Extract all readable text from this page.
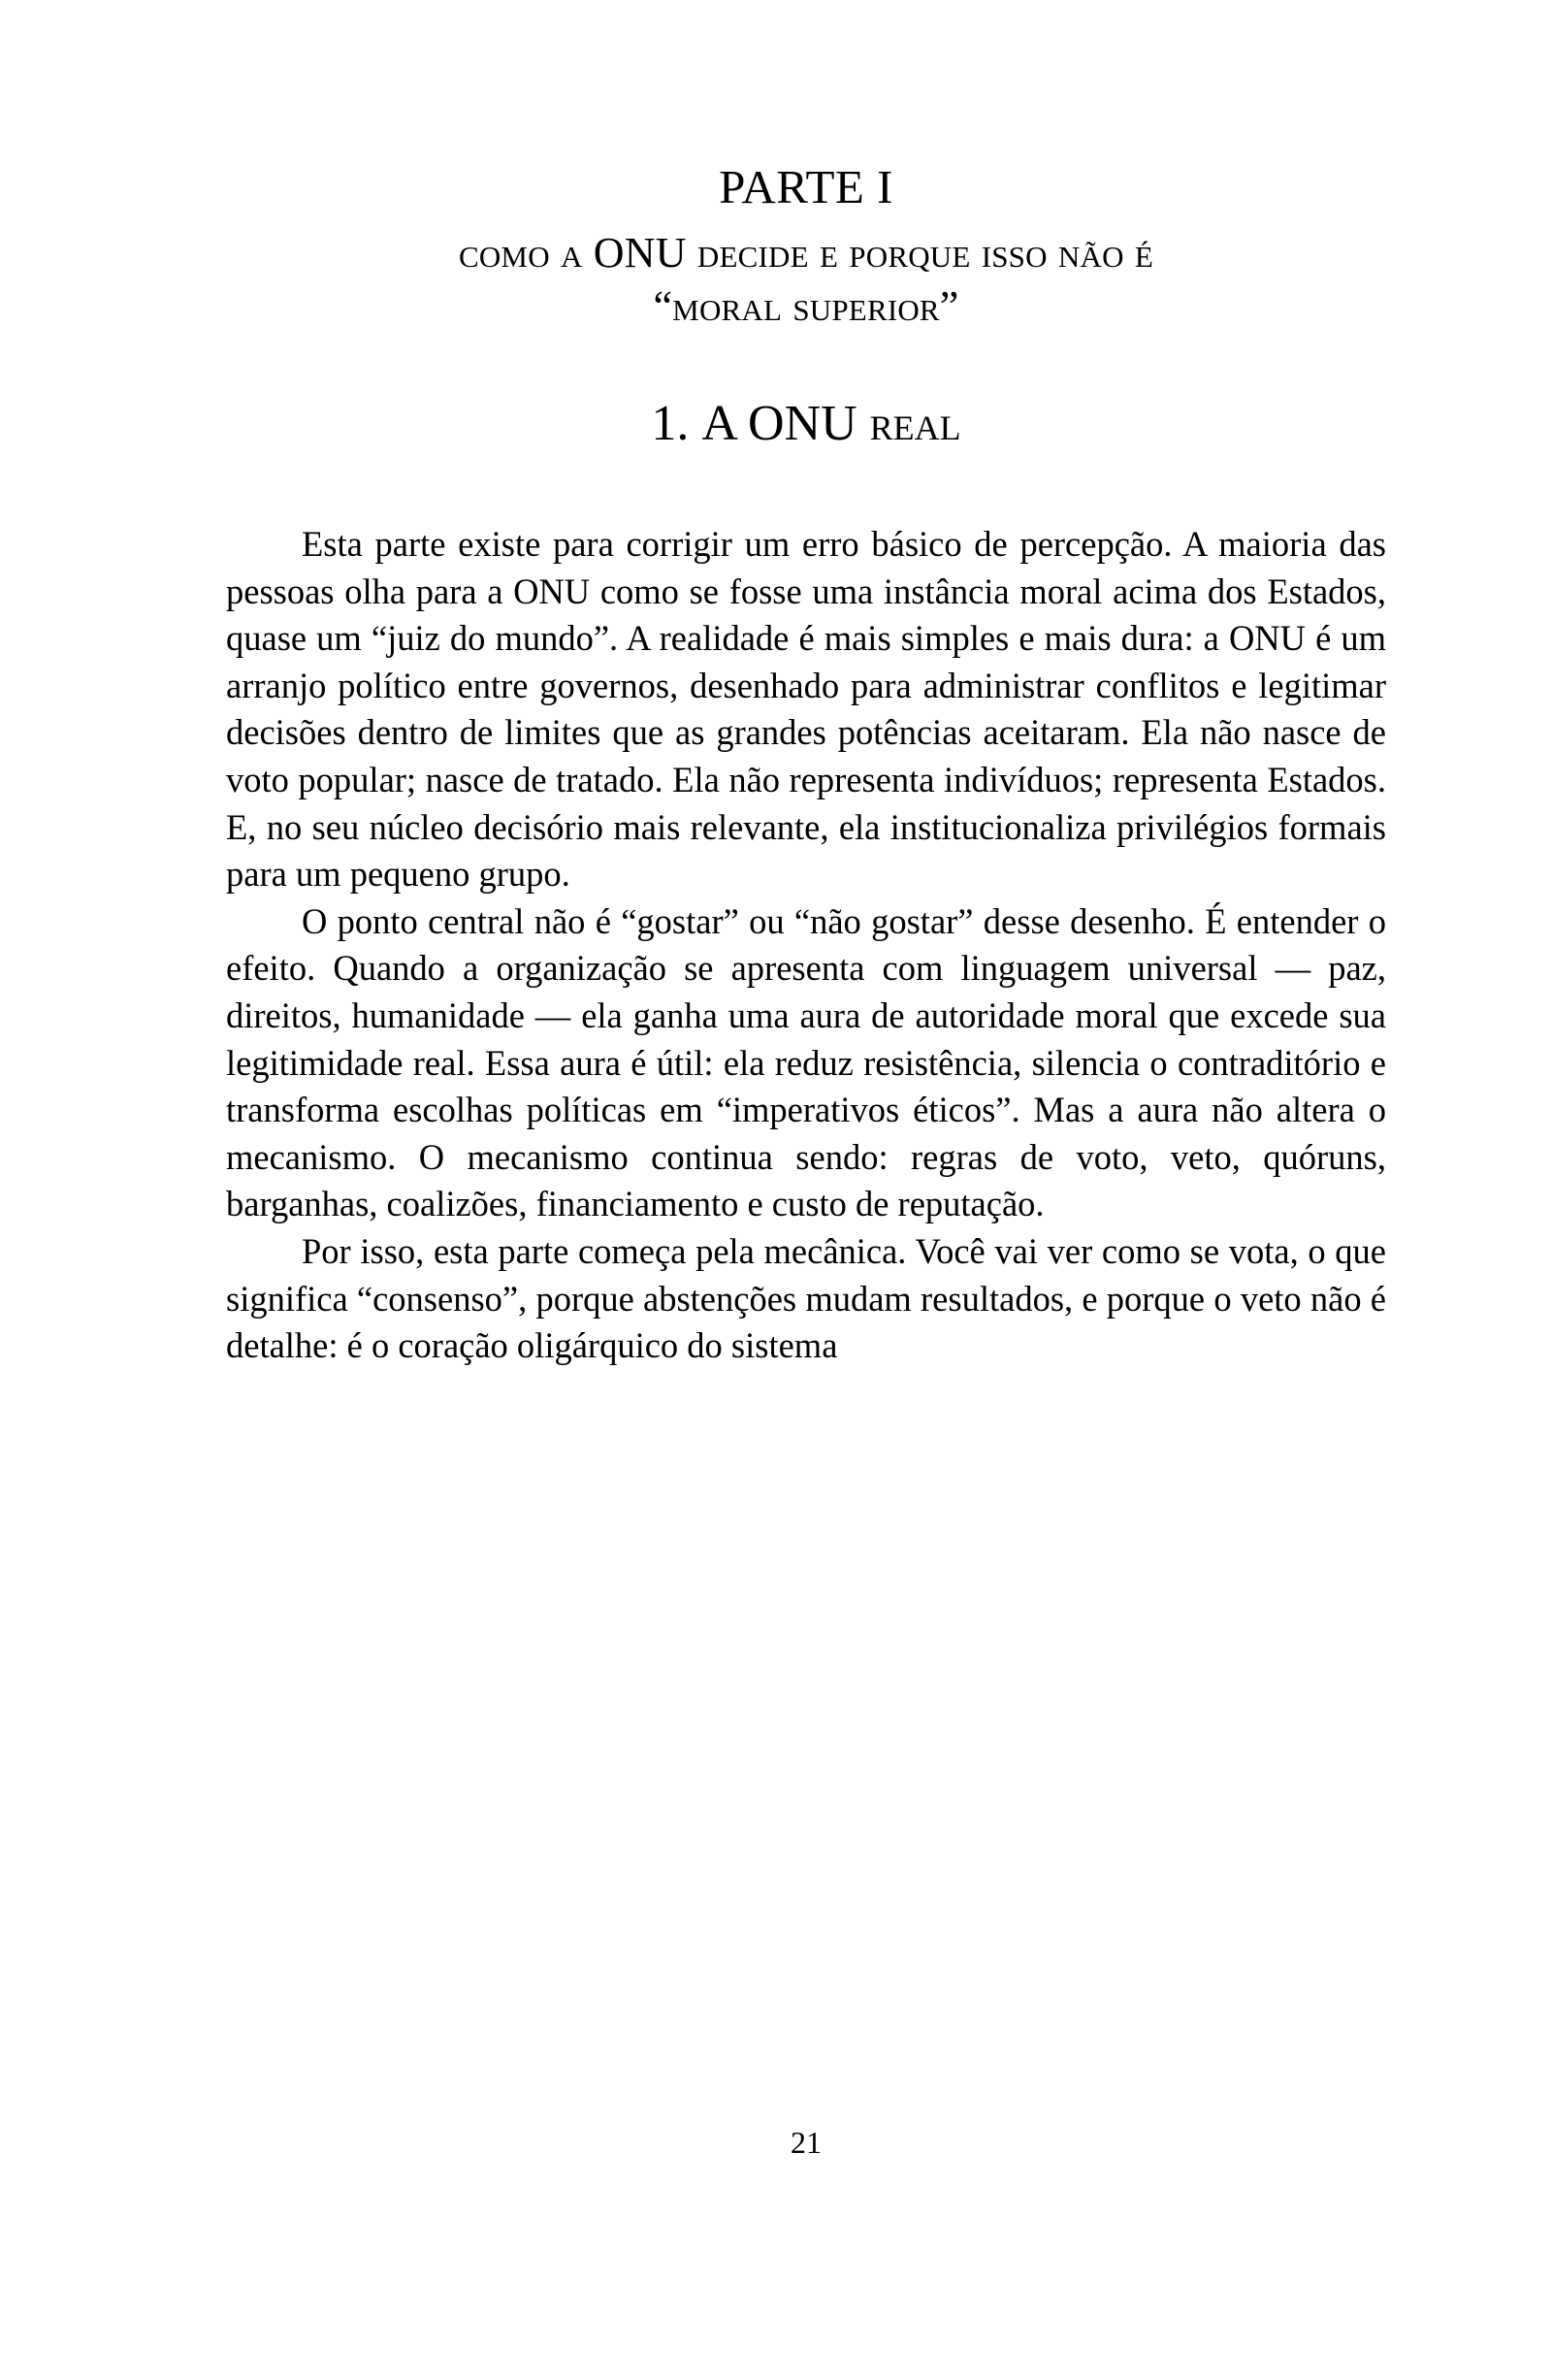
PARTE I
como a ONU decide e porque isso não é
“moral superior”
1. A ONU real

Esta parte existe para corrigir um erro básico de percepção. A maioria das pessoas olha para a ONU como se fosse uma instância moral acima dos Estados, quase um “juiz do mundo”. A realidade é mais simples e mais dura: a ONU é um arranjo político entre governos, desenhado para administrar conflitos e legitimar decisões dentro de limites que as grandes potências aceitaram. Ela não nasce de voto popular; nasce de tratado. Ela não representa indivíduos; representa Estados. E, no seu núcleo decisório mais relevante, ela institucionaliza privilégios formais para um pequeno grupo.

O ponto central não é “gostar” ou “não gostar” desse desenho. É entender o efeito. Quando a organização se apresenta com linguagem universal — paz, direitos, humanidade — ela ganha uma aura de autoridade moral que excede sua legitimidade real. Essa aura é útil: ela reduz resistência, silencia o contraditório e transforma escolhas políticas em “imperativos éticos”. Mas a aura não altera o mecanismo. O mecanismo continua sendo: regras de voto, veto, quóruns, barganhas, coalizões, financiamento e custo de reputação.

Por isso, esta parte começa pela mecânica. Você vai ver como se vota, o que significa “consenso”, porque abstenções mudam resultados, e porque o veto não é detalhe: é o coração oligárquico do sistema

21
